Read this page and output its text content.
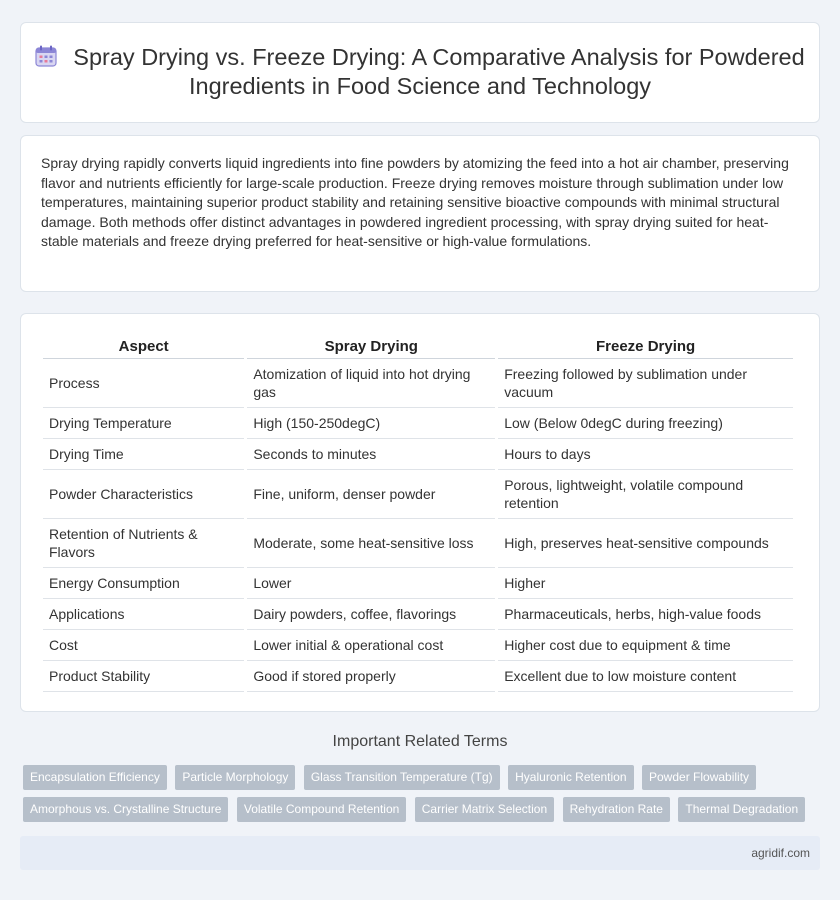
Spray Drying vs. Freeze Drying: A Comparative Analysis for Powdered Ingredients in Food Science and Technology

Spray drying rapidly converts liquid ingredients into fine powders by atomizing the feed into a hot air chamber, preserving flavor and nutrients efficiently for large-scale production. Freeze drying removes moisture through sublimation under low temperatures, maintaining superior product stability and retaining sensitive bioactive compounds with minimal structural damage. Both methods offer distinct advantages in powdered ingredient processing, with spray drying suited for heat-stable materials and freeze drying preferred for heat-sensitive or high-value formulations.

Aspect	Spray Drying	Freeze Drying
Process	Atomization of liquid into hot drying gas	Freezing followed by sublimation under vacuum
Drying Temperature	High (150-250degC)	Low (Below 0degC during freezing)
Drying Time	Seconds to minutes	Hours to days
Powder Characteristics	Fine, uniform, denser powder	Porous, lightweight, volatile compound retention
Retention of Nutrients & Flavors	Moderate, some heat-sensitive loss	High, preserves heat-sensitive compounds
Energy Consumption	Lower	Higher
Applications	Dairy powders, coffee, flavorings	Pharmaceuticals, herbs, high-value foods
Cost	Lower initial & operational cost	Higher cost due to equipment & time
Product Stability	Good if stored properly	Excellent due to low moisture content
Important Related Terms
Encapsulation Efficiency Particle Morphology Glass Transition Temperature (Tg) Hyaluronic Retention Powder Flowability
Amorphous vs. Crystalline Structure Volatile Compound Retention Carrier Matrix Selection Rehydration Rate Thermal Degradation
agridif.com
